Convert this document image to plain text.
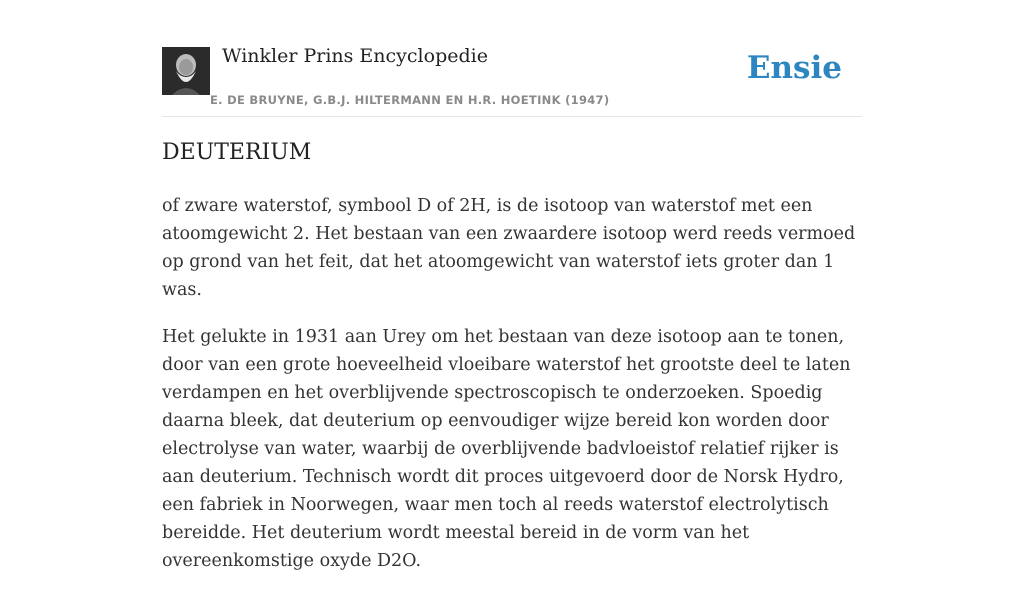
Winkler Prins Encyclopedie
E. DE BRUYNE, G.B.J. HILTERMANN EN H.R. HOETINK (1947)
Ensie
DEUTERIUM

of zware waterstof, symbool D of 2H, is de isotoop van waterstof met een atoomgewicht 2. Het bestaan van een zwaardere isotoop werd reeds vermoed op grond van het feit, dat het atoomgewicht van waterstof iets groter dan 1 was.

Het gelukte in 1931 aan Urey om het bestaan van deze isotoop aan te tonen, door van een grote hoeveelheid vloeibare waterstof het grootste deel te laten verdampen en het overblijvende spectroscopisch te onderzoeken. Spoedig daarna bleek, dat deuterium op eenvoudiger wijze bereid kon worden door electrolyse van water, waarbij de overblijvende badvloeistof relatief rijker is aan deuterium. Technisch wordt dit proces uitgevoerd door de Norsk Hydro, een fabriek in Noorwegen, waar men toch al reeds waterstof electrolytisch bereidde. Het deuterium wordt meestal bereid in de vorm van het overeenkomstige oxyde D2O.
